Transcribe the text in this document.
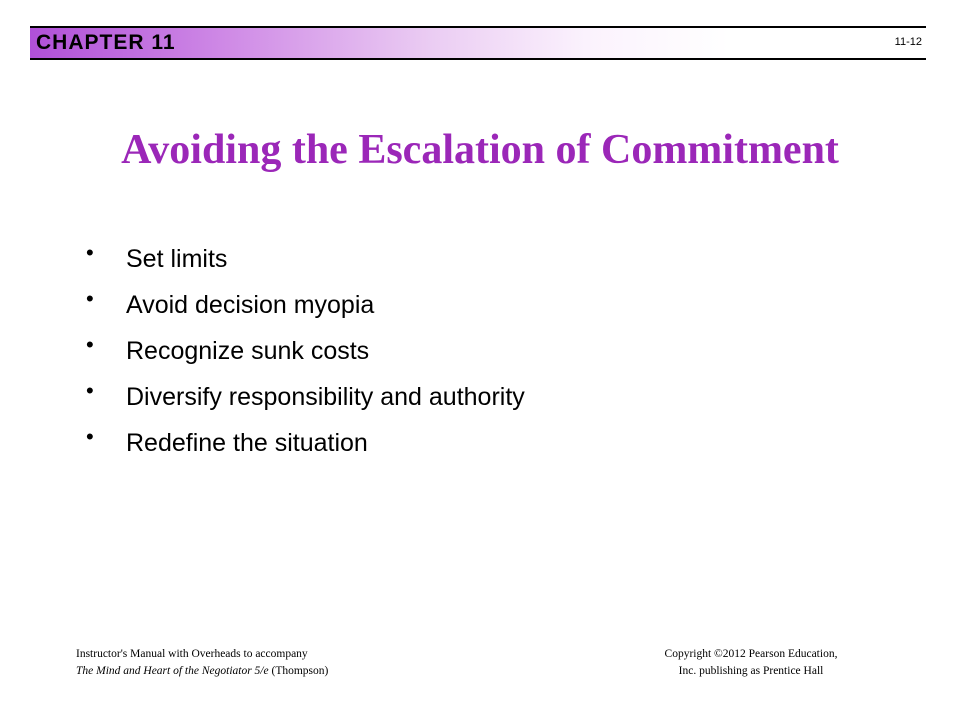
CHAPTER 11	11-12
Avoiding the Escalation of Commitment
•	Set limits
•	Avoid decision myopia
•	Recognize sunk costs
•	Diversify responsibility and authority
•	Redefine the situation
Instructor's Manual with Overheads to accompany
The Mind and Heart of the Negotiator 5/e (Thompson)
Copyright ©2012 Pearson Education,
Inc. publishing as Prentice Hall
